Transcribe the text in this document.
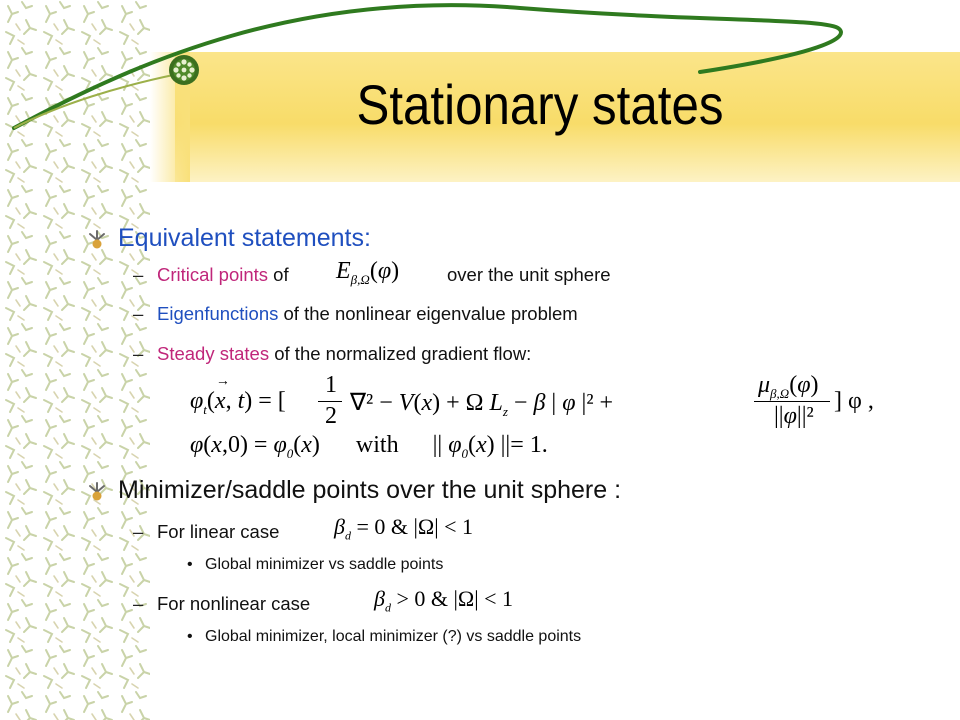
Stationary states
Equivalent statements:
– Critical points of $E_{\beta,\Omega}(\varphi)$	over the unit sphere
– Eigenfunctions of the nonlinear eigenvalue problem
– Steady states of the normalized gradient flow:
$\varphi_t(x$
→
, t) = [
1
2 ∇² − V(x) + Ω $L_z - \beta$ | φ |² +
$\mu_{\beta,\Omega}(\varphi)$
||φ||²
] φ ,
$\varphi(x,0) = \varphi_0(x)$ with || $\varphi_0(x)$ ||= 1.
Minimizer/saddle points over the unit sphere :
– For linear case $\beta_d = 0$ & |Ω| < 1
• Global minimizer vs saddle points
– For nonlinear case	$\beta_d > 0$ & |Ω| < 1
• Global minimizer, local minimizer (?) vs saddle points
